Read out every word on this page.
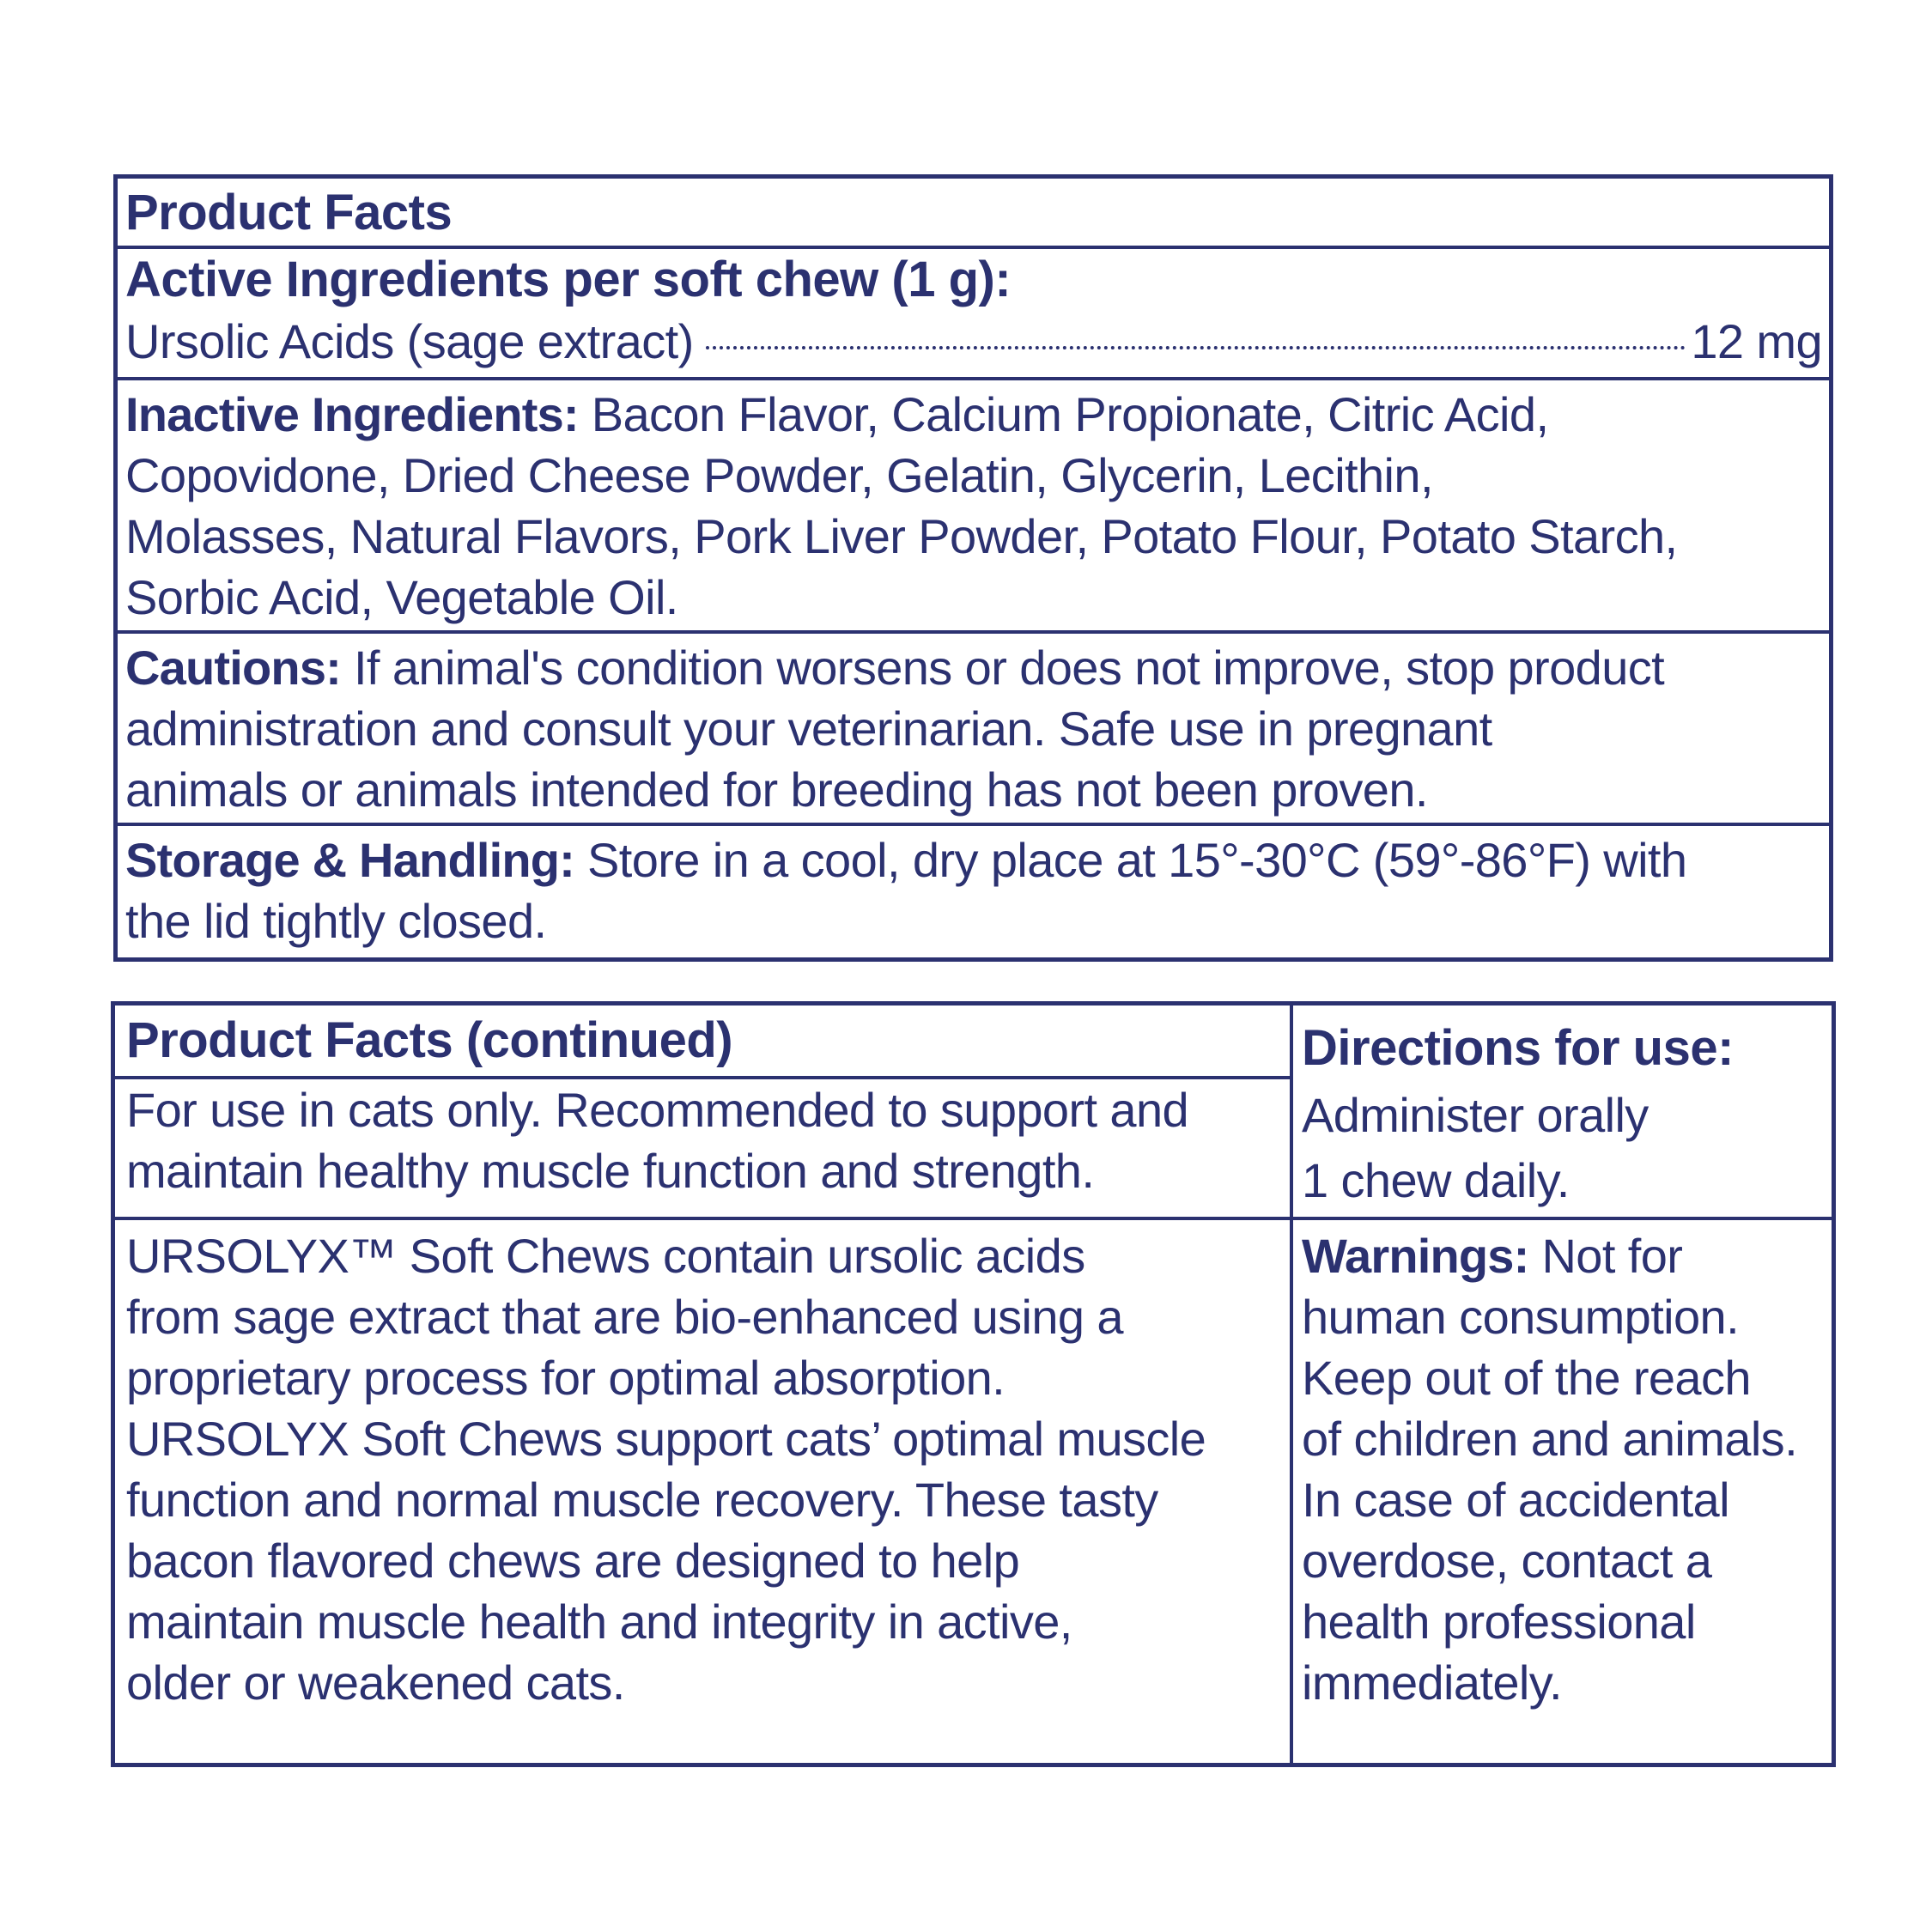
Product Facts
Active Ingredients per soft chew (1 g):
Ursolic Acids (sage extract)	12 mg
Inactive Ingredients: Bacon Flavor, Calcium Propionate, Citric Acid,
Copovidone, Dried Cheese Powder, Gelatin, Glycerin, Lecithin,
Molasses, Natural Flavors, Pork Liver Powder, Potato Flour, Potato Starch,
Sorbic Acid, Vegetable Oil.
Cautions: If animal's condition worsens or does not improve, stop product
administration and consult your veterinarian. Safe use in pregnant
animals or animals intended for breeding has not been proven.
Storage & Handling: Store in a cool, dry place at 15°-30°C (59°-86°F) with
the lid tightly closed.
Product Facts (continued)
For use in cats only. Recommended to support and
maintain healthy muscle function and strength.
URSOLYX™ Soft Chews contain ursolic acids
from sage extract that are bio-enhanced using a
proprietary process for optimal absorption.
URSOLYX Soft Chews support cats’ optimal muscle
function and normal muscle recovery. These tasty
bacon flavored chews are designed to help
maintain muscle health and integrity in active,
older or weakened cats.
Directions for use:
Administer orally
1 chew daily.
Warnings: Not for
human consumption.
Keep out of the reach
of children and animals.
In case of accidental
overdose, contact a
health professional
immediately.
